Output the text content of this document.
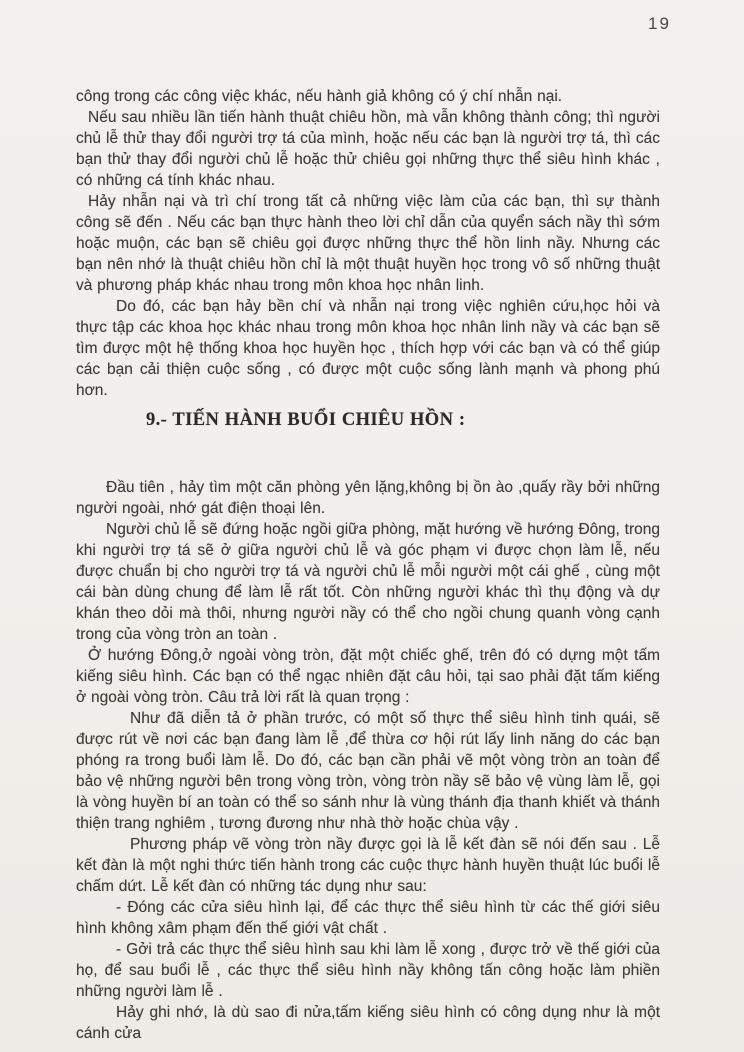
19

công trong các công việc khác, nếu hành giả không có ý chí nhẫn nại.

Nếu sau nhiều lần tiến hành thuật chiêu hồn, mà vẫn không thành công; thì người chủ lễ thử thay đổi người trợ tá của mình, hoặc nếu các bạn là người trợ tá, thì các bạn thử thay đổi người chủ lễ hoặc thử chiêu gọi những thực thể siêu hình khác , có những cá tính khác nhau.

Hảy nhẫn nại và trì chí trong tất cả những việc làm của các bạn, thì sự thành công sẽ đến . Nếu các bạn thực hành theo lời chỉ dẫn của quyển sách nầy thì sớm hoặc muộn, các bạn sẽ chiêu gọi được những thực thể hồn linh nầy. Nhưng các bạn nên nhớ là thuật chiêu hồn chỉ là một thuật huyền học trong vô số những thuật và phương pháp khác nhau trong môn khoa học nhân linh.

Do đó, các bạn hảy bền chí và nhẫn nại trong việc nghiên cứu,học hỏi và thực tập các khoa học khác nhau trong môn khoa học nhân linh nầy và các bạn sẽ tìm được một hệ thống khoa học huyền học , thích hợp với các bạn và có thể giúp các bạn cải thiện cuộc sống , có được một cuộc sống lành mạnh và phong phú hơn.

9.- TIẾN HÀNH BUỔI CHIÊU HỒN :

Đầu tiên , hảy tìm một căn phòng yên lặng,không bị ồn ào ,quấy rầy bởi những người ngoài, nhớ gát điện thoại lên.

Người chủ lễ sẽ đứng hoặc ngồi giữa phòng, mặt hướng về hướng Đông, trong khi người trợ tá sẽ ở giữa người chủ lễ và góc phạm vi được chọn làm lễ, nếu được chuẩn bị cho người trợ tá và người chủ lễ mỗi người một cái ghế , cùng một cái bàn dùng chung để làm lễ rất tốt. Còn những người khác thì thụ động và dự khán theo dỏi mà thôi, nhưng người nầy có thể cho ngồi chung quanh vòng cạnh trong của vòng tròn an toàn .

Ở hướng Đông,ở ngoài vòng tròn, đặt một chiếc ghế, trên đó có dựng một tấm kiếng siêu hình. Các bạn có thể ngạc nhiên đặt câu hỏi, tại sao phải đặt tấm kiếng ở ngoài vòng tròn. Câu trả lời rất là quan trọng :

Như đã diễn tả ở phần trước, có một số thực thể siêu hình tinh quái, sẽ được rút về nơi các bạn đang làm lễ ,để thừa cơ hội rút lấy linh năng do các bạn phóng ra trong buổi làm lễ. Do đó, các bạn cần phải vẽ một vòng tròn an toàn để bảo vệ những người bên trong vòng tròn, vòng tròn nầy sẽ bảo vệ vùng làm lễ, gọi là vòng huyền bí an toàn có thể so sánh như là vùng thánh địa thanh khiết và thánh thiện trang nghiêm , tương đương như nhà thờ hoặc chùa vậy .

Phương pháp vẽ vòng tròn nầy được gọi là lễ kết đàn sẽ nói đến sau . Lễ kết đàn là một nghi thức tiến hành trong các cuộc thực hành huyền thuật lúc buổi lễ chấm dứt. Lễ kết đàn có những tác dụng như sau:

- Đóng các cửa siêu hình lại, để các thực thể siêu hình từ các thế giới siêu hình không xâm phạm đến thế giới vật chất .

- Gởi trả các thực thể siêu hình sau khi làm lễ xong , được trở về thế giới của họ, để sau buổi lễ , các thực thể siêu hình nầy không tấn công hoặc làm phiền những người làm lễ .

Hảy ghi nhớ, là dù sao đi nửa,tấm kiếng siêu hình có công dụng như là một cánh cửa
